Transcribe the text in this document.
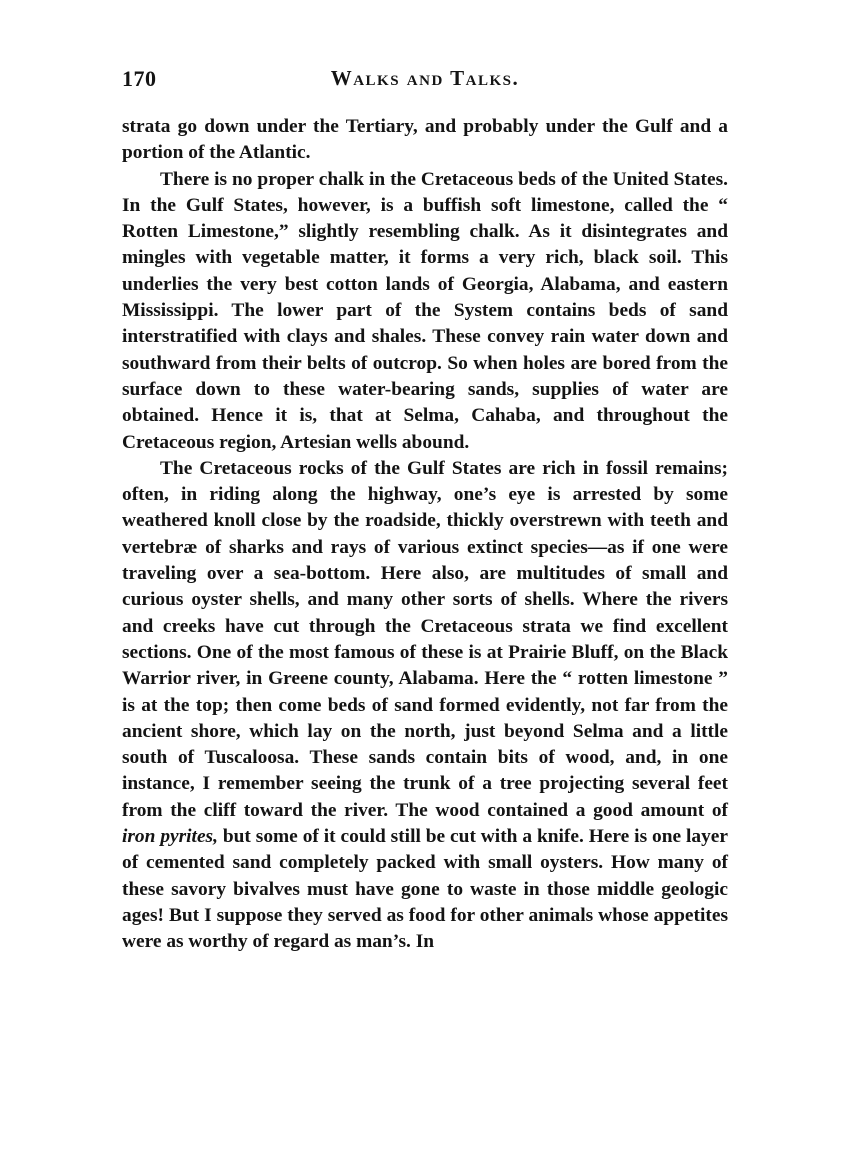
170	Walks and Talks.

strata go down under the Tertiary, and probably under the Gulf and a portion of the Atlantic.

There is no proper chalk in the Cretaceous beds of the United States. In the Gulf States, however, is a buffish soft limestone, called the “ Rotten Limestone,” slightly resembling chalk. As it disintegrates and mingles with vegetable matter, it forms a very rich, black soil. This underlies the very best cotton lands of Georgia, Alabama, and eastern Mississippi. The lower part of the System contains beds of sand interstratified with clays and shales. These convey rain water down and southward from their belts of outcrop. So when holes are bored from the surface down to these water-bearing sands, supplies of water are obtained. Hence it is, that at Selma, Cahaba, and throughout the Cretaceous region, Artesian wells abound.

The Cretaceous rocks of the Gulf States are rich in fossil remains; often, in riding along the highway, one’s eye is arrested by some weathered knoll close by the roadside, thickly overstrewn with teeth and vertebræ of sharks and rays of various extinct species—as if one were traveling over a sea-bottom. Here also, are multitudes of small and curious oyster shells, and many other sorts of shells. Where the rivers and creeks have cut through the Cretaceous strata we find excellent sections. One of the most famous of these is at Prairie Bluff, on the Black Warrior river, in Greene county, Alabama. Here the “ rotten limestone ” is at the top; then come beds of sand formed evidently, not far from the ancient shore, which lay on the north, just beyond Selma and a little south of Tuscaloosa. These sands contain bits of wood, and, in one instance, I remember seeing the trunk of a tree projecting several feet from the cliff toward the river. The wood contained a good amount of iron pyrites, but some of it could still be cut with a knife. Here is one layer of cemented sand completely packed with small oysters. How many of these savory bivalves must have gone to waste in those middle geologic ages! But I suppose they served as food for other animals whose appetites were as worthy of regard as man’s. In
